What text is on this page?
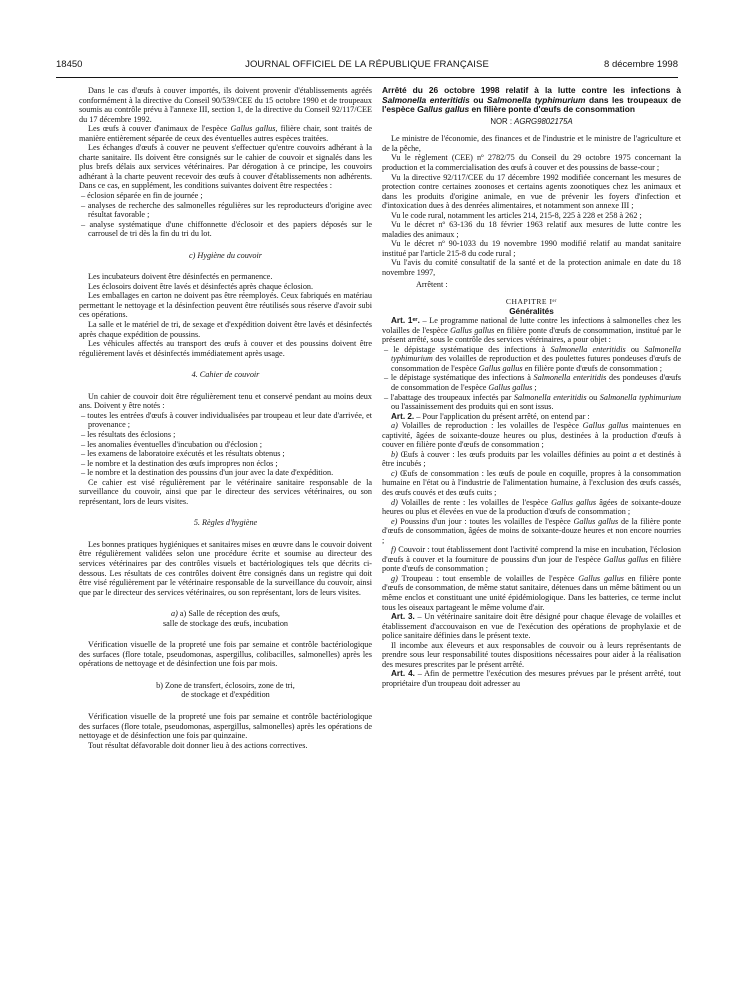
18450	JOURNAL OFFICIEL DE LA RÉPUBLIQUE FRANÇAISE	8 décembre 1998

Dans le cas d'œufs à couver importés, ils doivent provenir d'établissements agréés conformément à la directive du Conseil 90/539/CEE du 15 octobre 1990 et de troupeaux soumis au contrôle prévu à l'annexe III, section 1, de la directive du Conseil 92/117/CEE du 17 décembre 1992.

Les œufs à couver d'animaux de l'espèce Gallus gallus, filière chair, sont traités de manière entièrement séparée de ceux des éventuelles autres espèces traitées.

Les échanges d'œufs à couver ne peuvent s'effectuer qu'entre couvoirs adhérant à la charte sanitaire. Ils doivent être consignés sur le cahier de couvoir et signalés dans les plus brefs délais aux services vétérinaires. Par dérogation à ce principe, les couvoirs adhérant à la charte peuvent recevoir des œufs à couver d'établissements non adhérents. Dans ce cas, en supplément, les conditions suivantes doivent être respectées :

– éclosion séparée en fin de journée ;

– analyses de recherche des salmonelles régulières sur les reproducteurs d'origine avec résultat favorable ;

– analyse systématique d'une chiffonnette d'éclosoir et des papiers déposés sur le carrousel de tri dès la fin du tri du lot.

c) Hygiène du couvoir

Les incubateurs doivent être désinfectés en permanence.

Les éclosoirs doivent être lavés et désinfectés après chaque éclosion.

Les emballages en carton ne doivent pas être réemployés. Ceux fabriqués en matériau permettant le nettoyage et la désinfection peuvent être réutilisés sous réserve d'avoir subi ces opérations.

La salle et le matériel de tri, de sexage et d'expédition doivent être lavés et désinfectés après chaque expédition de poussins.

Les véhicules affectés au transport des œufs à couver et des poussins doivent être régulièrement lavés et désinfectés immédiatement après usage.

4. Cahier de couvoir

Un cahier de couvoir doit être régulièrement tenu et conservé pendant au moins deux ans. Doivent y être notés :

– toutes les entrées d'œufs à couver individualisées par troupeau et leur date d'arrivée, et provenance ;

– les résultats des éclosions ;

– les anomalies éventuelles d'incubation ou d'éclosion ;

– les examens de laboratoire exécutés et les résultats obtenus ;

– le nombre et la destination des œufs impropres non éclos ;

– le nombre et la destination des poussins d'un jour avec la date d'expédition.

Ce cahier est visé régulièrement par le vétérinaire sanitaire responsable de la surveillance du couvoir, ainsi que par le directeur des services vétérinaires, ou son représentant, lors de leurs visites.

5. Règles d'hygiène

Les bonnes pratiques hygiéniques et sanitaires mises en œuvre dans le couvoir doivent être régulièrement validées selon une procédure écrite et soumise au directeur des services vétérinaires par des contrôles visuels et bactériologiques tels que décrits ci-dessous. Les résultats de ces contrôles doivent être consignés dans un registre qui doit être visé régulièrement par le vétérinaire responsable de la surveillance du couvoir, ainsi que par le directeur des services vétérinaires, ou son représentant, lors de leurs visites.

a) a) Salle de réception des œufs,

salle de stockage des œufs, incubation

Vérification visuelle de la propreté une fois par semaine et contrôle bactériologique des surfaces (flore totale, pseudomonas, aspergillus, colibacilles, salmonelles) après les opérations de nettoyage et de désinfection une fois par mois.

b) Zone de transfert, éclosoirs, zone de tri,

de stockage et d'expédition

Vérification visuelle de la propreté une fois par semaine et contrôle bactériologique des surfaces (flore totale, pseudomonas, aspergillus, salmonelles) après les opérations de nettoyage et de désinfection une fois par quinzaine.

Tout résultat défavorable doit donner lieu à des actions correctives.

Arrêté du 26 octobre 1998 relatif à la lutte contre les infections à Salmonella enteritidis ou Salmonella typhimurium dans les troupeaux de l'espèce Gallus gallus en filière ponte d'œufs de consommation

NOR : AGRG9802175A

Le ministre de l'économie, des finances et de l'industrie et le ministre de l'agriculture et de la pêche,

Vu le règlement (CEE) nº 2782/75 du Conseil du 29 octobre 1975 concernant la production et la commercialisation des œufs à couver et des poussins de basse-cour ;

Vu la directive 92/117/CEE du 17 décembre 1992 modifiée concernant les mesures de protection contre certaines zoonoses et certains agents zoonotiques chez les animaux et dans les produits d'origine animale, en vue de prévenir les foyers d'infection et d'intoxication dues à des denrées alimentaires, et notamment son annexe III ;

Vu le code rural, notamment les articles 214, 215-8, 225 à 228 et 258 à 262 ;

Vu le décret nº 63-136 du 18 février 1963 relatif aux mesures de lutte contre les maladies des animaux ;

Vu le décret nº 90-1033 du 19 novembre 1990 modifié relatif au mandat sanitaire institué par l'article 215-8 du code rural ;

Vu l'avis du comité consultatif de la santé et de la protection animale en date du 18 novembre 1997,

Arrêtent :

CHAPITRE Iᵉʳ

Généralités

Art. 1ᵉʳ. – Le programme national de lutte contre les infections à salmonelles chez les volailles de l'espèce Gallus gallus en filière ponte d'œufs de consommation, institué par le présent arrêté, sous le contrôle des services vétérinaires, a pour objet :

– le dépistage systématique des infections à Salmonella enteritidis ou Salmonella typhimurium des volailles de reproduction et des poulettes futures pondeuses d'œufs de consommation de l'espèce Gallus gallus en filière ponte d'œufs de consommation ;

– le dépistage systématique des infections à Salmonella enteritidis des pondeuses d'œufs de consommation de l'espèce Gallus gallus ;

– l'abattage des troupeaux infectés par Salmonella enteritidis ou Salmonella typhimurium ou l'assainissement des produits qui en sont issus.

Art. 2. – Pour l'application du présent arrêté, on entend par :

a) Volailles de reproduction : les volailles de l'espèce Gallus gallus maintenues en captivité, âgées de soixante-douze heures ou plus, destinées à la production d'œufs à couver en filière ponte d'œufs de consommation ;

b) Œufs à couver : les œufs produits par les volailles définies au point a et destinés à être incubés ;

c) Œufs de consommation : les œufs de poule en coquille, propres à la consommation humaine en l'état ou à l'industrie de l'alimentation humaine, à l'exclusion des œufs cassés, des œufs couvés et des œufs cuits ;

d) Volailles de rente : les volailles de l'espèce Gallus gallus âgées de soixante-douze heures ou plus et élevées en vue de la production d'œufs de consommation ;

e) Poussins d'un jour : toutes les volailles de l'espèce Gallus gallus de la filière ponte d'œufs de consommation, âgées de moins de soixante-douze heures et non encore nourries ;

f) Couvoir : tout établissement dont l'activité comprend la mise en incubation, l'éclosion d'œufs à couver et la fourniture de poussins d'un jour de l'espèce Gallus gallus en filière ponte d'œufs de consommation ;

g) Troupeau : tout ensemble de volailles de l'espèce Gallus gallus en filière ponte d'œufs de consommation, de même statut sanitaire, détenues dans un même bâtiment ou un même enclos et constituant une unité épidémiologique. Dans les batteries, ce terme inclut tous les oiseaux partageant le même volume d'air.

Art. 3. – Un vétérinaire sanitaire doit être désigné pour chaque élevage de volailles et établissement d'accouvaison en vue de l'exécution des opérations de prophylaxie et de police sanitaire définies dans le présent texte.

Il incombe aux éleveurs et aux responsables de couvoir ou à leurs représentants de prendre sous leur responsabilité toutes dispositions nécessaires pour aider à la réalisation des mesures prescrites par le présent arrêté.

Art. 4. – Afin de permettre l'exécution des mesures prévues par le présent arrêté, tout propriétaire d'un troupeau doit adresser au
